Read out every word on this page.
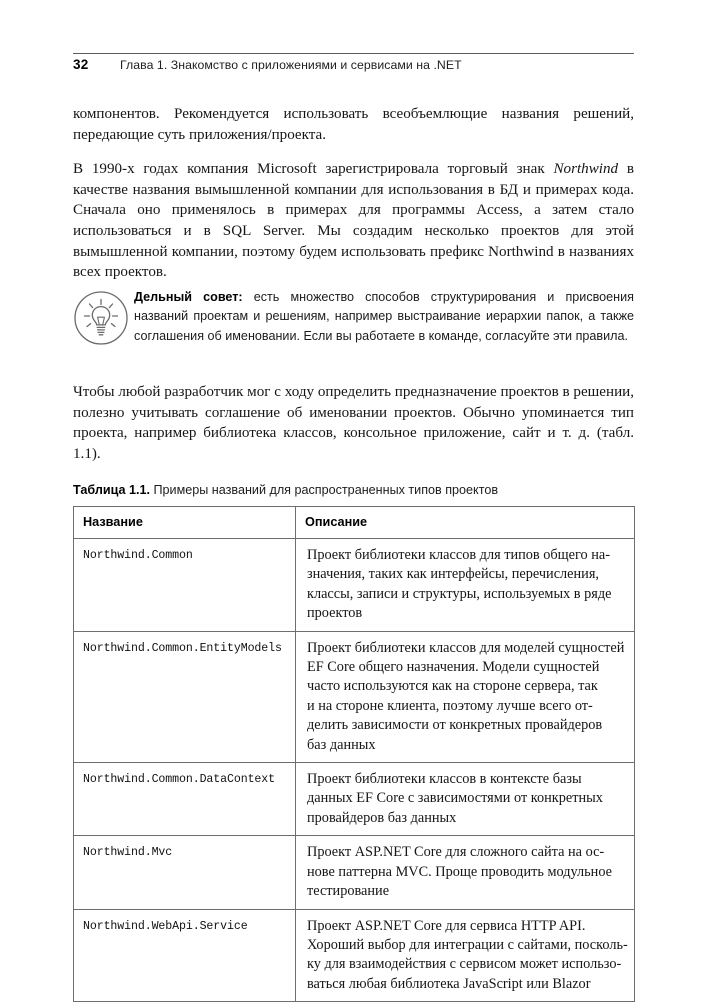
32	Глава 1. Знакомство с приложениями и сервисами на .NET

компонентов. Рекомендуется использовать всеобъемлющие названия решений, передающие суть приложения/проекта.

В 1990-х годах компания Microsoft зарегистрировала торговый знак Northwind в качестве названия вымышленной компании для использования в БД и примерах кода. Сначала оно применялось в примерах для программы Access, а затем стало использоваться и в SQL Server. Мы создадим несколько проектов для этой вымышленной компании, поэтому будем использовать префикс Northwind в названиях всех проектов.

Дельный совет: есть множество способов структурирования и присвоения названий проектам и решениям, например выстраивание иерархии папок, а также соглашения об именовании. Если вы работаете в команде, согласуйте эти правила.

Чтобы любой разработчик мог с ходу определить предназначение проектов в решении, полезно учитывать соглашение об именовании проектов. Обычно упоминается тип проекта, например библиотека классов, консольное приложение, сайт и т. д. (табл. 1.1).

Таблица 1.1. Примеры названий для распространенных типов проектов
Название	Описание
Northwind.Common	Проект библиотеки классов для типов общего на-
значения, таких как интерфейсы, перечисления,
классы, записи и структуры, используемых в ряде
проектов

Northwind.Common.EntityModels	Проект библиотеки классов для моделей сущностей
EF Core общего назначения. Модели сущностей
часто используются как на стороне сервера, так
и на стороне клиента, поэтому лучше всего от-
делить зависимости от конкретных провайдеров
баз данных

Northwind.Common.DataContext	Проект библиотеки классов в контексте базы
данных EF Core с зависимостями от конкретных
провайдеров баз данных

Northwind.Mvc	Проект ASP.NET Core для сложного сайта на ос-
нове паттерна MVC. Проще проводить модульное
тестирование

Northwind.WebApi.Service	Проект ASP.NET Core для сервиса HTTP API.
Хороший выбор для интеграции с сайтами, посколь-
ку для взаимодействия с сервисом может использо-
ваться любая библиотека JavaScript или Blazor
